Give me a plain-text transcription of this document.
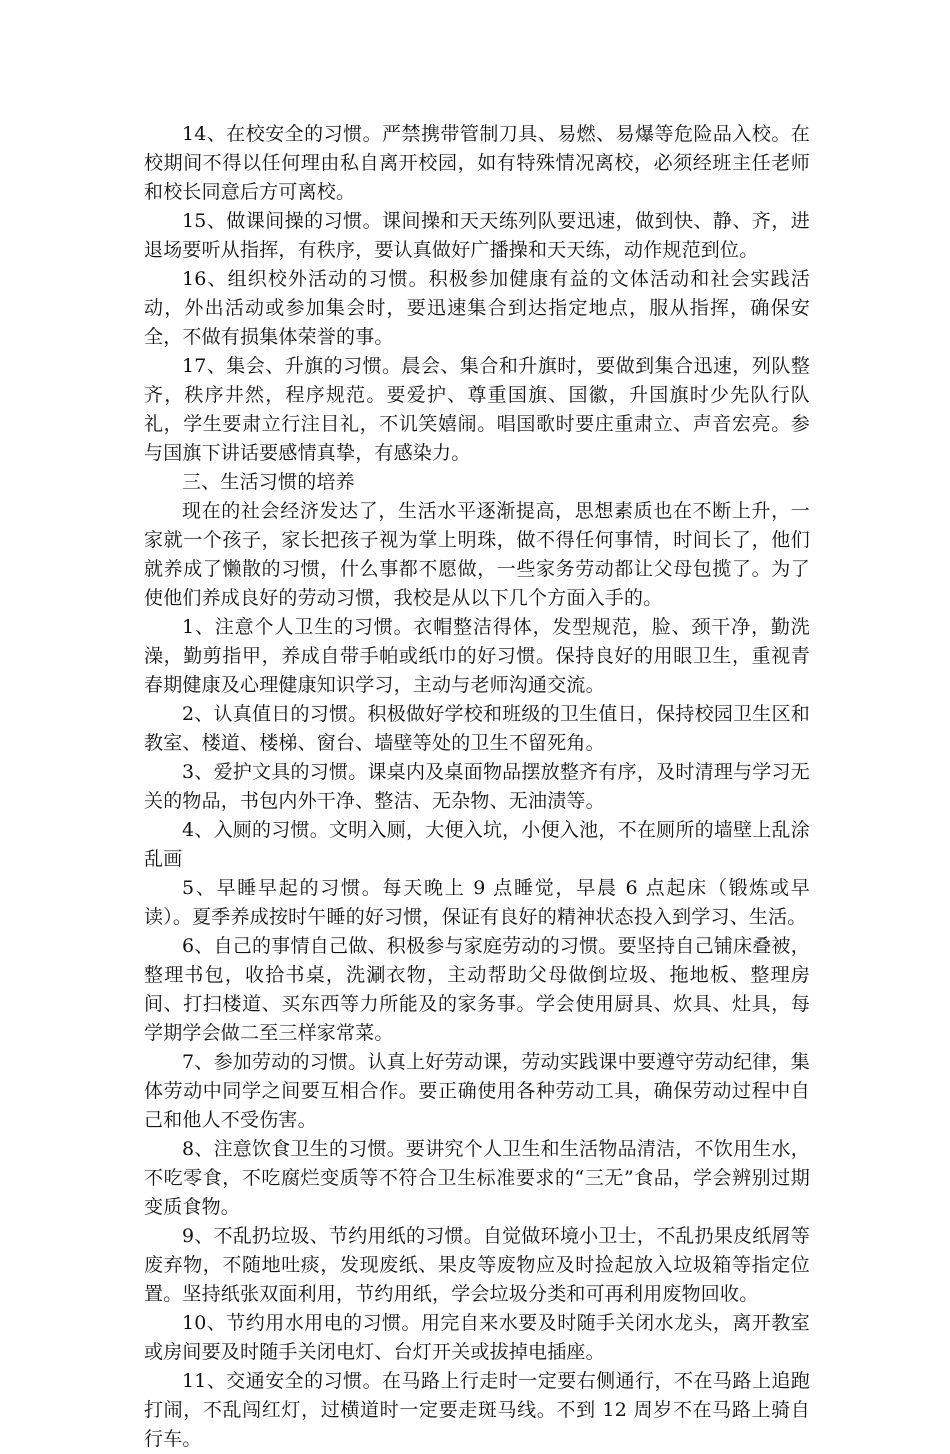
14、在校安全的习惯。严禁携带管制刀具、易燃、易爆等危险品入校。在校期间不得以任何理由私自离开校园，如有特殊情况离校，必须经班主任老师和校长同意后方可离校。

15、做课间操的习惯。课间操和天天练列队要迅速，做到快、静、齐，进退场要听从指挥，有秩序，要认真做好广播操和天天练，动作规范到位。

16、组织校外活动的习惯。积极参加健康有益的文体活动和社会实践活动，外出活动或参加集会时，要迅速集合到达指定地点，服从指挥，确保安全，不做有损集体荣誉的事。

17、集会、升旗的习惯。晨会、集合和升旗时，要做到集合迅速，列队整齐，秩序井然，程序规范。要爱护、尊重国旗、国徽，升国旗时少先队行队礼，学生要肃立行注目礼，不讥笑嬉闹。唱国歌时要庄重肃立、声音宏亮。参与国旗下讲话要感情真挚，有感染力。

三、生活习惯的培养

现在的社会经济发达了，生活水平逐渐提高，思想素质也在不断上升，一家就一个孩子，家长把孩子视为掌上明珠，做不得任何事情，时间长了，他们就养成了懒散的习惯，什么事都不愿做，一些家务劳动都让父母包揽了。为了使他们养成良好的劳动习惯，我校是从以下几个方面入手的。

1、注意个人卫生的习惯。衣帽整洁得体，发型规范，脸、颈干净，勤洗澡，勤剪指甲，养成自带手帕或纸巾的好习惯。保持良好的用眼卫生，重视青春期健康及心理健康知识学习，主动与老师沟通交流。

2、认真值日的习惯。积极做好学校和班级的卫生值日，保持校园卫生区和教室、楼道、楼梯、窗台、墙壁等处的卫生不留死角。

3、爱护文具的习惯。课桌内及桌面物品摆放整齐有序，及时清理与学习无关的物品，书包内外干净、整洁、无杂物、无油渍等。

4、入厕的习惯。文明入厕，大便入坑，小便入池，不在厕所的墙壁上乱涂乱画

5、早睡早起的习惯。每天晚上 9 点睡觉，早晨 6 点起床（锻炼或早读）。夏季养成按时午睡的好习惯，保证有良好的精神状态投入到学习、生活。

6、自己的事情自己做、积极参与家庭劳动的习惯。要坚持自己铺床叠被，整理书包，收拾书桌，洗涮衣物，主动帮助父母做倒垃圾、拖地板、整理房间、打扫楼道、买东西等力所能及的家务事。学会使用厨具、炊具、灶具，每学期学会做二至三样家常菜。

7、参加劳动的习惯。认真上好劳动课，劳动实践课中要遵守劳动纪律，集体劳动中同学之间要互相合作。要正确使用各种劳动工具，确保劳动过程中自己和他人不受伤害。

8、注意饮食卫生的习惯。要讲究个人卫生和生活物品清洁，不饮用生水，不吃零食，不吃腐烂变质等不符合卫生标准要求的“三无”食品，学会辨别过期变质食物。

9、不乱扔垃圾、节约用纸的习惯。自觉做环境小卫士，不乱扔果皮纸屑等废弃物，不随地吐痰，发现废纸、果皮等废物应及时捡起放入垃圾箱等指定位置。坚持纸张双面利用，节约用纸，学会垃圾分类和可再利用废物回收。

10、节约用水用电的习惯。用完自来水要及时随手关闭水龙头，离开教室或房间要及时随手关闭电灯、台灯开关或拔掉电插座。

11、交通安全的习惯。在马路上行走时一定要右侧通行，不在马路上追跑打闹，不乱闯红灯，过横道时一定要走斑马线。不到 12 周岁不在马路上骑自行车。
